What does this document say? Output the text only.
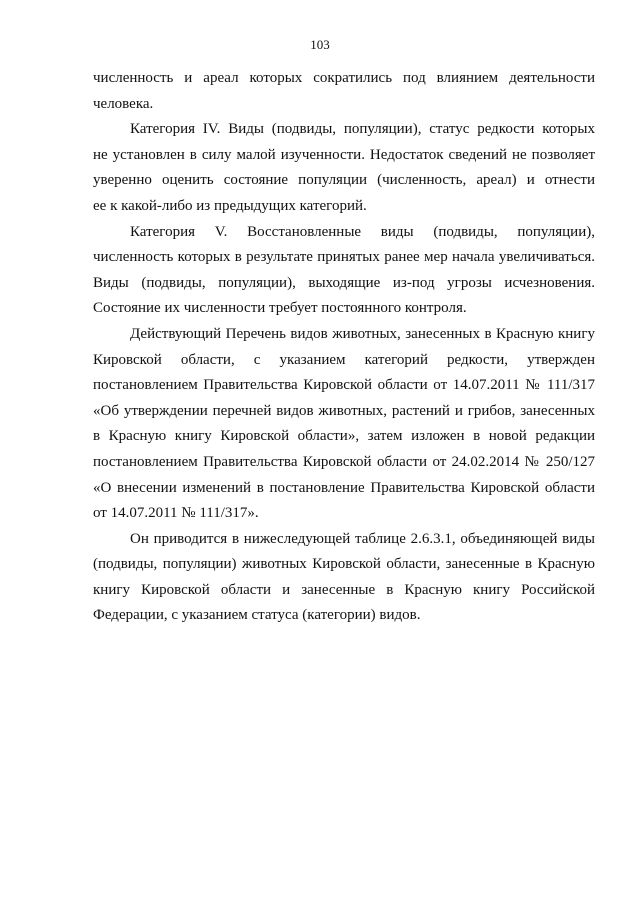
103
численность и ареал которых сократились под влиянием деятельности
человека.
Категория IV. Виды (подвиды, популяции), статус редкости которых
не установлен в силу малой изученности. Недостаток сведений не позволяет
уверенно оценить состояние популяции (численность, ареал) и отнести
ее к какой-либо из предыдущих категорий.
Категория V. Восстановленные виды (подвиды, популяции),
численность которых в результате принятых ранее мер начала увеличиваться.
Виды (подвиды, популяции), выходящие из-под угрозы исчезновения.
Состояние их численности требует постоянного контроля.
Действующий Перечень видов животных, занесенных в Красную книгу
Кировской области, с указанием категорий редкости, утвержден
постановлением Правительства Кировской области от 14.07.2011 № 111/317
«Об утверждении перечней видов животных, растений и грибов, занесенных
в Красную книгу Кировской области», затем изложен в новой редакции
постановлением Правительства Кировской области от 24.02.2014 № 250/127
«О внесении изменений в постановление Правительства Кировской области
от 14.07.2011 № 111/317».
Он приводится в нижеследующей таблице 2.6.3.1, объединяющей виды
(подвиды, популяции) животных Кировской области, занесенные в Красную
книгу Кировской области и занесенные в Красную книгу Российской
Федерации, с указанием статуса (категории) видов.
